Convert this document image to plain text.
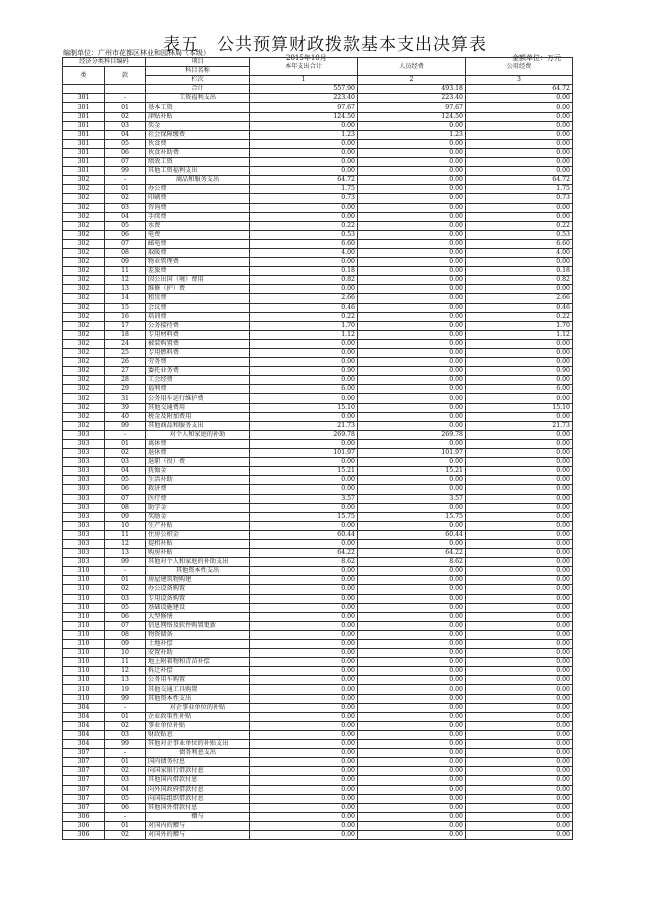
表五　公共预算财政拨款基本支出决算表
编制单位：广州市花都区林业和园林局（本级）
2015年10月	金额单位：万元
经济分类科目编码		项目	本年支出合计	人员经费	公用经费
类	款	科目名称			
		栏次	1	2	3
		合计	557.90	493.18	64.72
301	-	工资福利支出	223.40	223.40	0.00
301	01	基本工资	97.67	97.67	0.00
301	02	津贴补贴	124.50	124.50	0.00
301	03	奖金	0.00	0.00	0.00
301	04	社会保障缴费	1.23	1.23	0.00
301	05	伙食费	0.00	0.00	0.00
301	06	伙食补助费	0.00	0.00	0.00
301	07	绩效工资	0.00	0.00	0.00
301	99	其他工资福利支出	0.00	0.00	0.00
302	-	商品和服务支出	64.72	0.00	64.72
302	01	办公费	1.75	0.00	1.75
302	02	印刷费	0.73	0.00	0.73
302	03	咨询费	0.00	0.00	0.00
302	04	手续费	0.00	0.00	0.00
302	05	水费	0.22	0.00	0.22
302	06	电费	0.53	0.00	0.53
302	07	邮电费	6.60	0.00	6.60
302	08	取暖费	4.00	0.00	4.00
302	09	物业管理费	0.00	0.00	0.00
302	11	差旅费	0.18	0.00	0.18
302	12	因公出国（境）费用	0.82	0.00	0.82
302	13	维修（护）费	0.00	0.00	0.00
302	14	租赁费	2.66	0.00	2.66
302	15	会议费	0.46	0.00	0.46
302	16	培训费	0.22	0.00	0.22
302	17	公务接待费	1.70	0.00	1.70
302	18	专用材料费	1.12	0.00	1.12
302	24	被装购置费	0.00	0.00	0.00
302	25	专用燃料费	0.00	0.00	0.00
302	26	劳务费	0.00	0.00	0.00
302	27	委托业务费	0.90	0.00	0.90
302	28	工会经费	0.00	0.00	0.00
302	29	福利费	6.00	0.00	6.00
302	31	公务用车运行维护费	0.00	0.00	0.00
302	39	其他交通费用	15.10	0.00	15.10
302	40	税金及附加费用	0.00	0.00	0.00
302	99	其他商品和服务支出	21.73	0.00	21.73
303	-	对个人和家庭的补助	269.78	269.78	0.00
303	01	离休费	0.00	0.00	0.00
303	02	退休费	101.97	101.97	0.00
303	03	退职（役）费	0.00	0.00	0.00
303	04	抚恤金	15.21	15.21	0.00
303	05	生活补助	0.00	0.00	0.00
303	06	救济费	0.00	0.00	0.00
303	07	医疗费	3.57	3.57	0.00
303	08	助学金	0.00	0.00	0.00
303	09	奖励金	15.75	15.75	0.00
303	10	生产补贴	0.00	0.00	0.00
303	11	住房公积金	60.44	60.44	0.00
303	12	提租补贴	0.00	0.00	0.00
303	13	购房补贴	64.22	64.22	0.00
303	99	其他对个人和家庭的补助支出	8.62	8.62	0.00
310	-	其他资本性支出	0.00	0.00	0.00
310	01	房屋建筑物购建	0.00	0.00	0.00
310	02	办公设备购置	0.00	0.00	0.00
310	03	专用设备购置	0.00	0.00	0.00
310	05	基础设施建设	0.00	0.00	0.00
310	06	大型修缮	0.00	0.00	0.00
310	07	信息网络及软件购置更新	0.00	0.00	0.00
310	08	物资储备	0.00	0.00	0.00
310	09	土地补偿	0.00	0.00	0.00
310	10	安置补助	0.00	0.00	0.00
310	11	地上附着物和青苗补偿	0.00	0.00	0.00
310	12	拆迁补偿	0.00	0.00	0.00
310	13	公务用车购置	0.00	0.00	0.00
310	19	其他交通工具购置	0.00	0.00	0.00
310	99	其他资本性支出	0.00	0.00	0.00
304	-	对企事业单位的补贴	0.00	0.00	0.00
304	01	企业政策性补贴	0.00	0.00	0.00
304	02	事业单位补贴	0.00	0.00	0.00
304	03	财政贴息	0.00	0.00	0.00
304	99	其他对企事业单位的补贴支出	0.00	0.00	0.00
307	-	债务利息支出	0.00	0.00	0.00
307	01	国内债务付息	0.00	0.00	0.00
307	02	向国家银行借款付息	0.00	0.00	0.00
307	03	其他国内借款付息	0.00	0.00	0.00
307	04	向外国政府借款付息	0.00	0.00	0.00
307	05	向国际组织借款付息	0.00	0.00	0.00
307	06	其他国外借款付息	0.00	0.00	0.00
306	-	赠与	0.00	0.00	0.00
306	01	对国内的赠与	0.00	0.00	0.00
306	02	对国外的赠与	0.00	0.00	0.00
